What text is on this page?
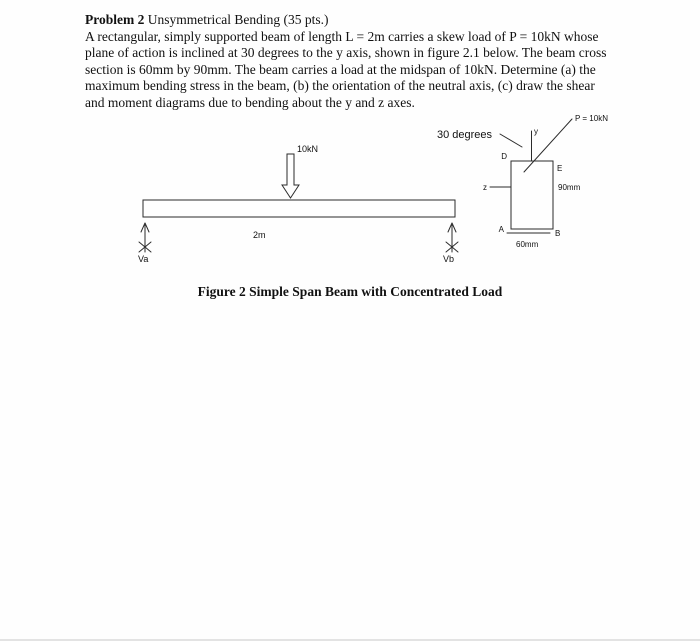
Problem 2 Unsymmetrical Bending (35 pts.)

A rectangular, simply supported beam of length L = 2m carries a skew load of P = 10kN whose

plane of action is inclined at 30 degrees to the y axis, shown in figure 2.1 below. The beam cross

section is 60mm by 90mm. The beam carries a load at the midspan of 10kN. Determine (a) the

maximum bending stress in the beam, (b) the orientation of the neutral axis, (c) draw the shear

and moment diagrams due to bending about the y and z axes.

10kN
2m
Va	Vb
30 degrees
P = 10kN
y
z
D
E
A	B
90mm
60mm
Figure 2 Simple Span Beam with Concentrated Load
